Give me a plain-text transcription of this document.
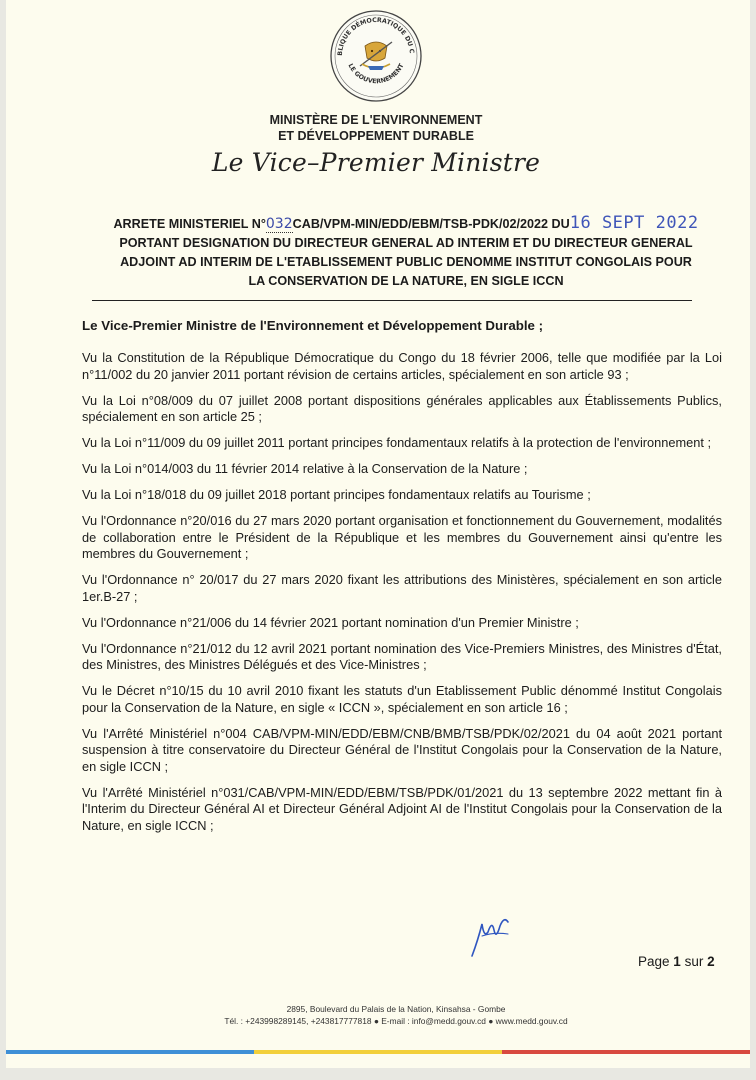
BLIQUE DÉMOCRATIQUE DU C
LE GOUVERNEMENT
MINISTÈRE DE L'ENVIRONNEMENT
ET DÉVELOPPEMENT DURABLE
Le Vice–Premier Ministre
ARRETE MINISTERIEL N°032CAB/VPM-MIN/EDD/EBM/TSB-PDK/02/2022 DU16 SEPT 2022
PORTANT DESIGNATION DU DIRECTEUR GENERAL AD INTERIM ET DU DIRECTEUR GENERAL
ADJOINT AD INTERIM DE L'ETABLISSEMENT PUBLIC DENOMME INSTITUT CONGOLAIS POUR
LA CONSERVATION DE LA NATURE, EN SIGLE ICCN
Le Vice-Premier Ministre de l'Environnement et Développement Durable ;
Vu la Constitution de la République Démocratique du Congo du 18 février 2006, telle que modifiée par la Loi n°11/002 du 20 janvier 2011 portant révision de certains articles, spécialement en son article 93 ;
Vu la Loi n°08/009 du 07 juillet 2008 portant dispositions générales applicables aux Établissements Publics, spécialement en son article 25 ;
Vu la Loi n°11/009 du 09 juillet 2011 portant principes fondamentaux relatifs à la protection de l'environnement ;
Vu la Loi n°014/003 du 11 février 2014 relative à la Conservation de la Nature ;
Vu la Loi n°18/018 du 09 juillet 2018 portant principes fondamentaux relatifs au Tourisme ;
Vu l'Ordonnance n°20/016 du 27 mars 2020 portant organisation et fonctionnement du Gouvernement, modalités de collaboration entre le Président de la République et les membres du Gouvernement ainsi qu'entre les membres du Gouvernement ;
Vu l'Ordonnance n° 20/017 du 27 mars 2020 fixant les attributions des Ministères, spécialement en son article 1er.B-27 ;
Vu l'Ordonnance n°21/006 du 14 février 2021 portant nomination d'un Premier Ministre ;
Vu l'Ordonnance n°21/012 du 12 avril 2021 portant nomination des Vice-Premiers Ministres, des Ministres d'État, des Ministres, des Ministres Délégués et des Vice-Ministres ;
Vu le Décret n°10/15 du 10 avril 2010 fixant les statuts d'un Etablissement Public dénommé Institut Congolais pour la Conservation de la Nature, en sigle « ICCN », spécialement en son article 16 ;
Vu l'Arrêté Ministériel n°004 CAB/VPM-MIN/EDD/EBM/CNB/BMB/TSB/PDK/02/2021 du 04 août 2021 portant suspension à titre conservatoire du Directeur Général de l'Institut Congolais pour la Conservation de la Nature, en sigle ICCN ;
Vu l'Arrêté Ministériel n°031/CAB/VPM-MIN/EDD/EBM/TSB/PDK/01/2021 du 13 septembre 2022 mettant fin à l'Interim du Directeur Général AI et Directeur Général Adjoint AI de l'Institut Congolais pour la Conservation de la Nature, en sigle ICCN ;
Page 1 sur 2
2895, Boulevard du Palais de la Nation, Kinsahsa - Gombe
Tél. : +243998289145, +243817777818 ● E-mail : info@medd.gouv.cd ● www.medd.gouv.cd
